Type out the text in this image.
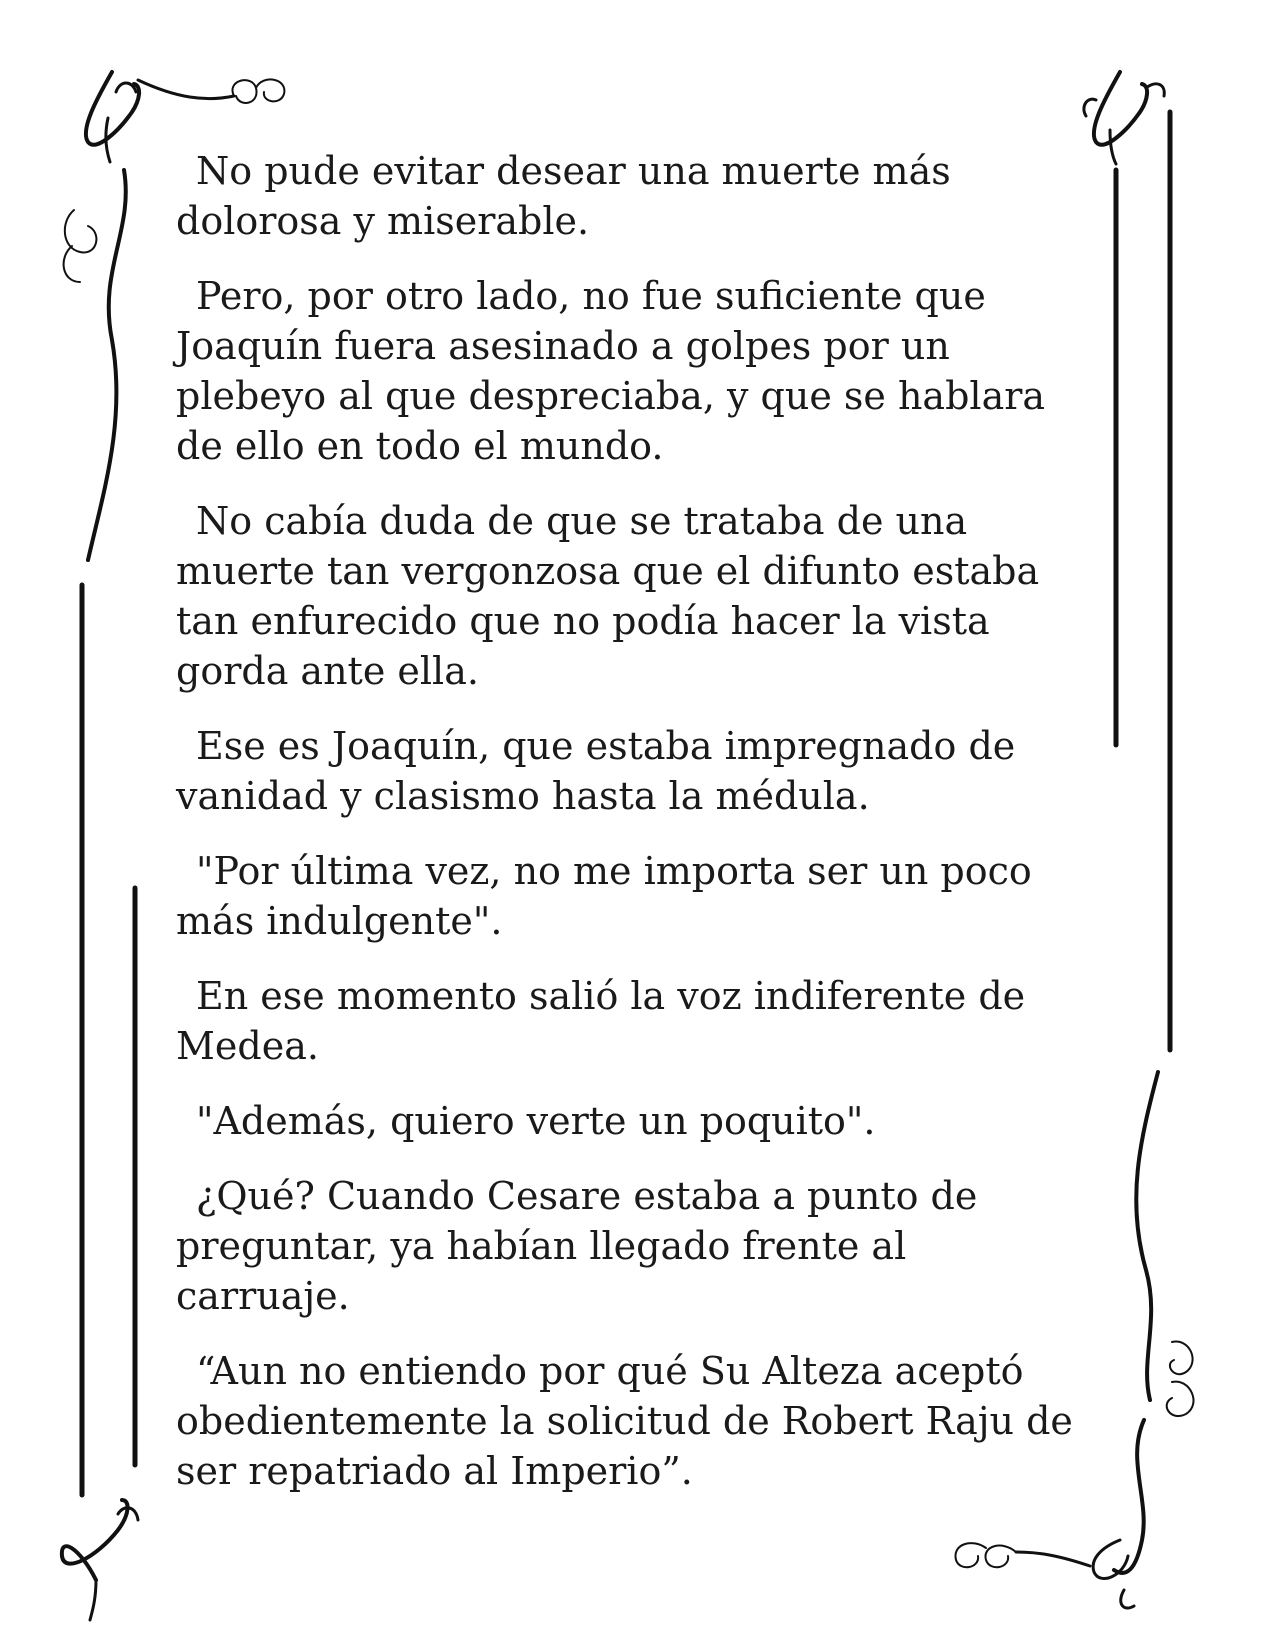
No pude evitar desear una muerte más
dolorosa y miserable.

Pero, por otro lado, no fue suficiente que
Joaquín fuera asesinado a golpes por un
plebeyo al que despreciaba, y que se hablara
de ello en todo el mundo.

No cabía duda de que se trataba de una
muerte tan vergonzosa que el difunto estaba
tan enfurecido que no podía hacer la vista
gorda ante ella.

Ese es Joaquín, que estaba impregnado de
vanidad y clasismo hasta la médula.

"Por última vez, no me importa ser un poco
más indulgente".

En ese momento salió la voz indiferente de
Medea.

"Además, quiero verte un poquito".

¿Qué? Cuando Cesare estaba a punto de
preguntar, ya habían llegado frente al
carruaje.

“Aun no entiendo por qué Su Alteza aceptó
obedientemente la solicitud de Robert Raju de
ser repatriado al Imperio”.
